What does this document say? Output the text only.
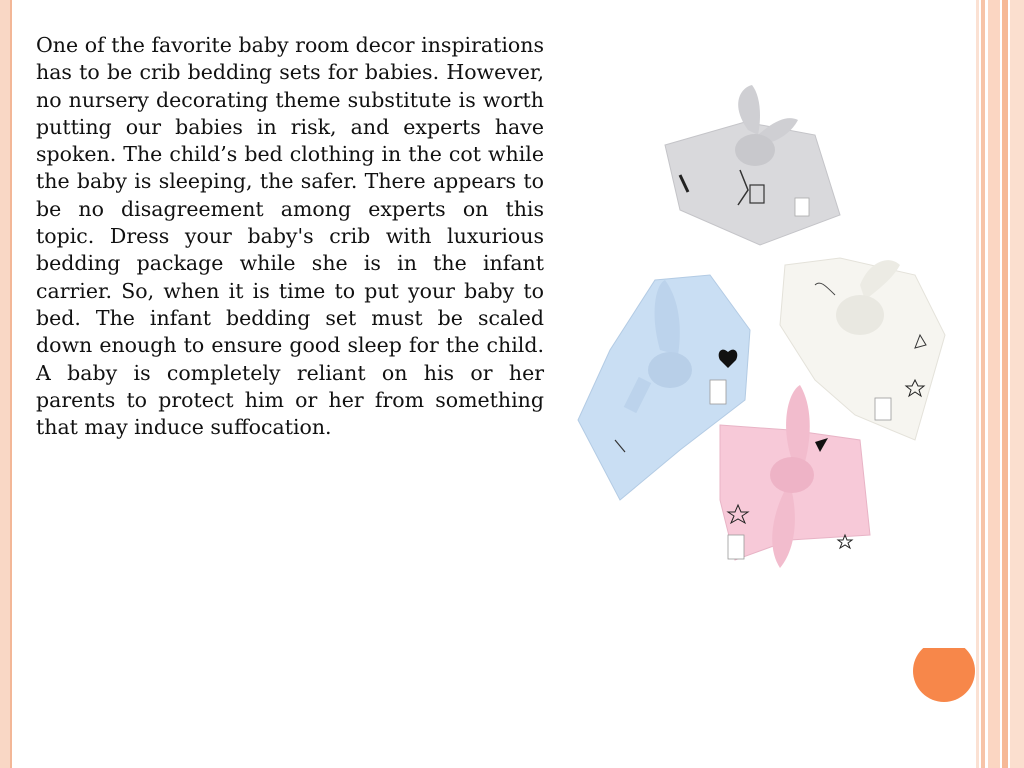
One of the favorite baby room decor inspirations has to be crib bedding sets for babies. However, no nursery decorating theme substitute is worth putting our babies in risk, and experts have spoken. The child’s bed clothing in the cot while the baby is sleeping, the safer. There appears to be no disagreement among experts on this topic. Dress your baby's crib with luxurious bedding package while she is in the infant carrier. So, when it is time to put your baby to bed. The infant bedding set must be scaled down enough to ensure good sleep for the child. A baby is completely reliant on his or her parents to protect him or her from something that may induce suffocation.
